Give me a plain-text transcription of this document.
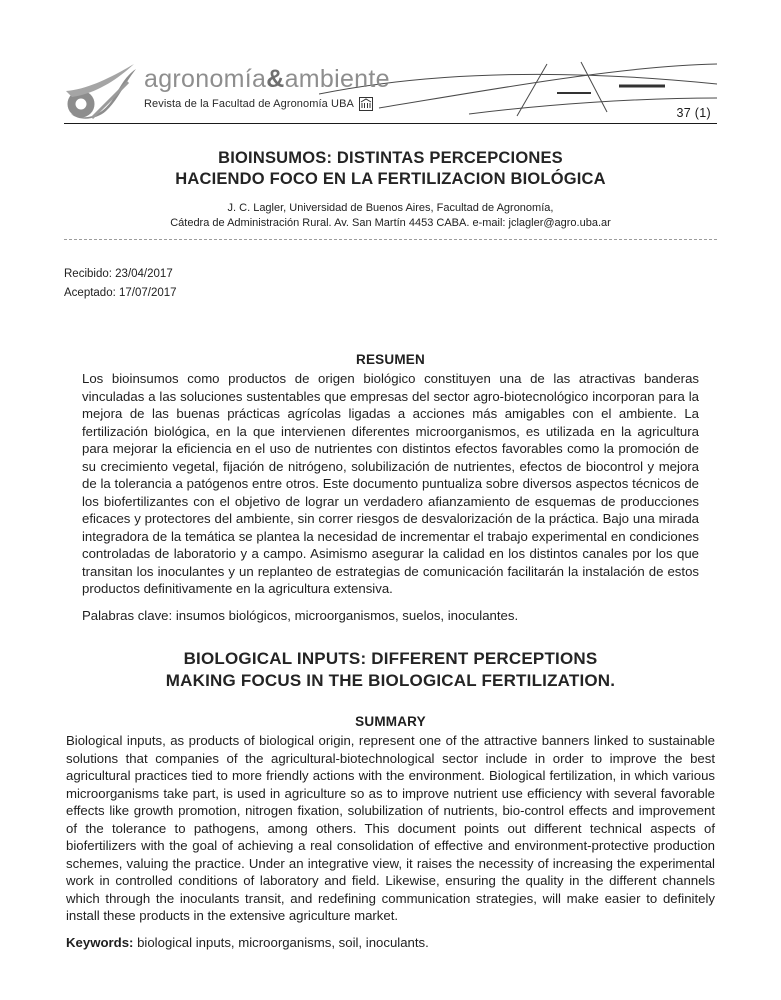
agronomía&ambiente
Revista de la Facultad de Agronomía UBA
37 (1)
BIOINSUMOS: DISTINTAS PERCEPCIONES
HACIENDO FOCO EN LA FERTILIZACION BIOLÓGICA
J. C. Lagler, Universidad de Buenos Aires, Facultad de Agronomía,
Cátedra de Administración Rural. Av. San Martín 4453 CABA. e-mail: jclagler@agro.uba.ar
Recibido: 23/04/2017
Aceptado: 17/07/2017
RESUMEN

Los bioinsumos como productos de origen biológico constituyen una de las atractivas banderas vinculadas a las soluciones sustentables que empresas del sector agro-biotecnológico incorporan para la mejora de las buenas prácticas agrícolas ligadas a acciones más amigables con el ambiente. La fertilización biológica, en la que intervienen diferentes microorganismos, es utilizada en la agricultura para mejorar la eficiencia en el uso de nutrientes con distintos efectos favorables como la promoción de su crecimiento vegetal, fijación de nitrógeno, solubilización de nutrientes, efectos de biocontrol y mejora de la tolerancia a patógenos entre otros. Este documento puntualiza sobre diversos aspectos técnicos de los biofertilizantes con el objetivo de lograr un verdadero afianzamiento de esquemas de producciones eficaces y protectores del ambiente, sin correr riesgos de desvalorización de la práctica. Bajo una mirada integradora de la temática se plantea la necesidad de incrementar el trabajo experimental en condiciones controladas de laboratorio y a campo. Asimismo asegurar la calidad en los distintos canales por los que transitan los inoculantes y un replanteo de estrategias de comunicación facilitarán la instalación de estos productos definitivamente en la agricultura extensiva.

Palabras clave: insumos biológicos, microorganismos, suelos, inoculantes.

BIOLOGICAL INPUTS: DIFFERENT PERCEPTIONS
MAKING FOCUS IN THE BIOLOGICAL FERTILIZATION.
SUMMARY

Biological inputs, as products of biological origin, represent one of the attractive banners linked to sustainable solutions that companies of the agricultural-biotechnological sector include in order to improve the best agricultural practices tied to more friendly actions with the environment. Biological fertilization, in which various microorganisms take part, is used in agriculture so as to improve nutrient use efficiency with several favorable effects like growth promotion, nitrogen fixation, solubilization of nutrients, bio-control effects and improvement of the tolerance to pathogens, among others. This document points out different technical aspects of biofertilizers with the goal of achieving a real consolidation of effective and environment-protective production schemes, valuing the practice. Under an integrative view, it raises the necessity of increasing the experimental work in controlled conditions of laboratory and field. Likewise, ensuring the quality in the different channels which through the inoculants transit, and redefining communication strategies, will make easier to definitely install these products in the extensive agriculture market.

Keywords: biological inputs, microorganisms, soil, inoculants.
